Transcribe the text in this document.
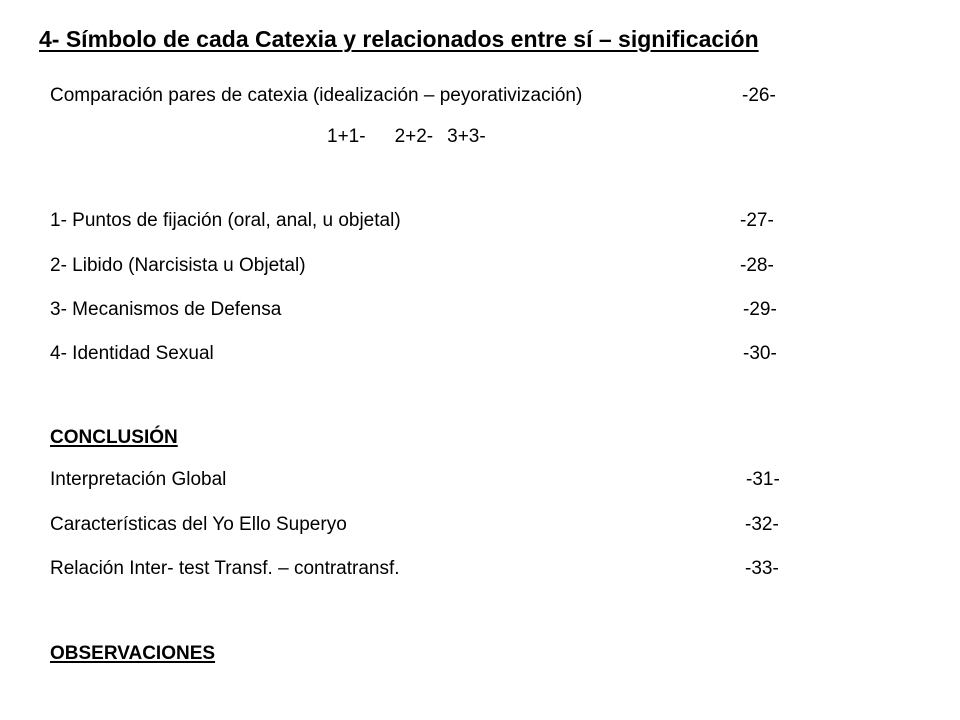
4- Símbolo de cada Catexia y relacionados entre sí – significación
Comparación pares de catexia (idealización – peyorativización)	-26-
1+1- 2+2- 3+3-
1- Puntos de fijación (oral, anal, u objetal)	-27-
2- Libido (Narcisista u Objetal)	-28-
3- Mecanismos de Defensa	-29-
4- Identidad Sexual	-30-
CONCLUSIÓN
Interpretación Global	-31-
Características del Yo Ello Superyo	-32-
Relación Inter- test Transf. – contratransf.	-33-
OBSERVACIONES
